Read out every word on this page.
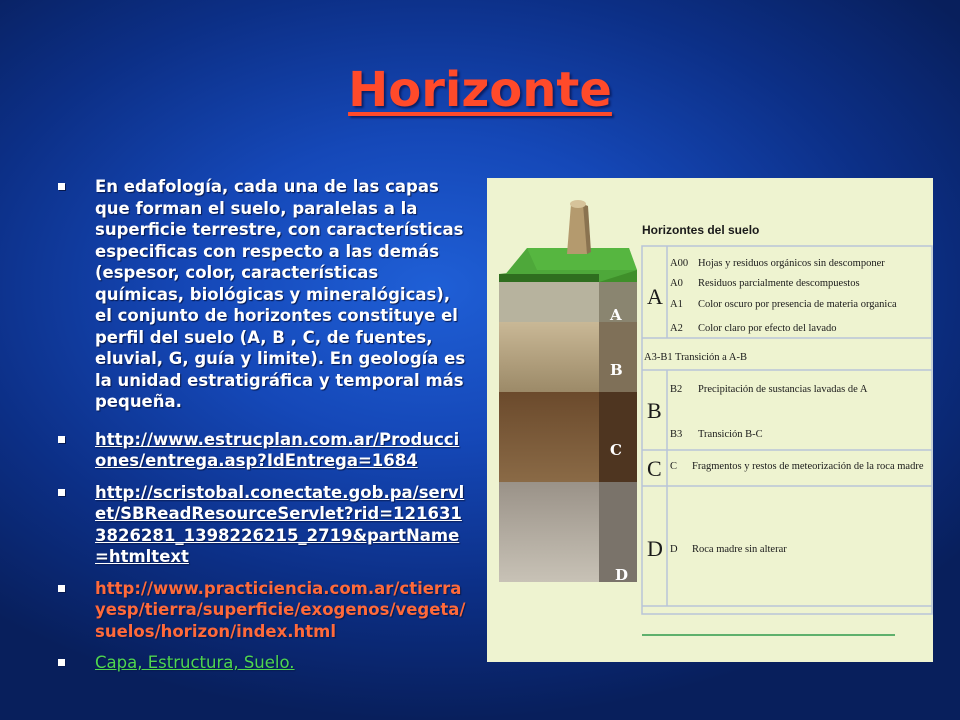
Horizonte
En edafología, cada una de las capas que forman el suelo, paralelas a la superficie terrestre, con características especificas con respecto a las demás (espesor, color, características químicas, biológicas y mineralógicas), el conjunto de horizontes constituye el perfil del suelo (A, B , C, de fuentes, eluvial, G, guía y limite). En geología es la unidad estratigráfica y temporal más pequeña.
http://www.estrucplan.com.ar/Producciones/entrega.asp?IdEntrega=1684
http://scristobal.conectate.gob.pa/servlet/SBReadResourceServlet?rid=1216313826281_1398226215_2719&partName=htmltext
http://www.practiciencia.com.ar/ctierrayesp/tierra/superficie/exogenos/vegeta/suelos/horizon/index.html
Capa, Estructura, Suelo.
A
B
C
D
Horizontes del suelo
A
A00 Hojas y residuos orgánicos sin descomponer
A0 Residuos parcialmente descompuestos
A1 Color oscuro por presencia de materia organica
A2 Color claro por efecto del lavado
A3-B1 Transición a A-B
B
B2 Precipitación de sustancias lavadas de A
B3 Transición B-C
C C Fragmentos y restos de meteorización de la roca madre
D D Roca madre sin alterar
